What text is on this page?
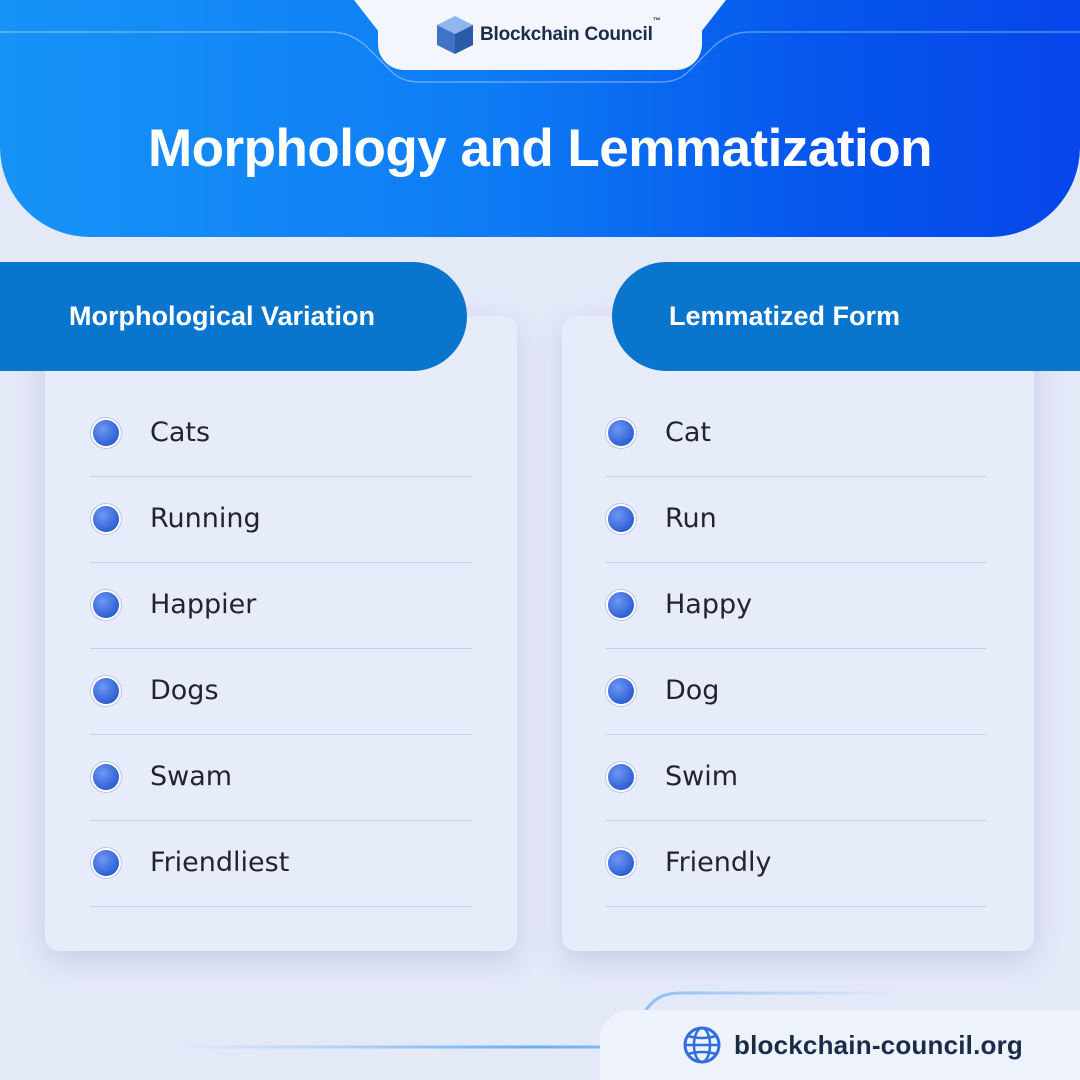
Blockchain Council™
Morphology and Lemmatization
Morphological Variation	Lemmatized Form
Cats
Running
Happier
Dogs
Swam
Friendliest
Cat
Run
Happy
Dog
Swim
Friendly
blockchain-council.org
